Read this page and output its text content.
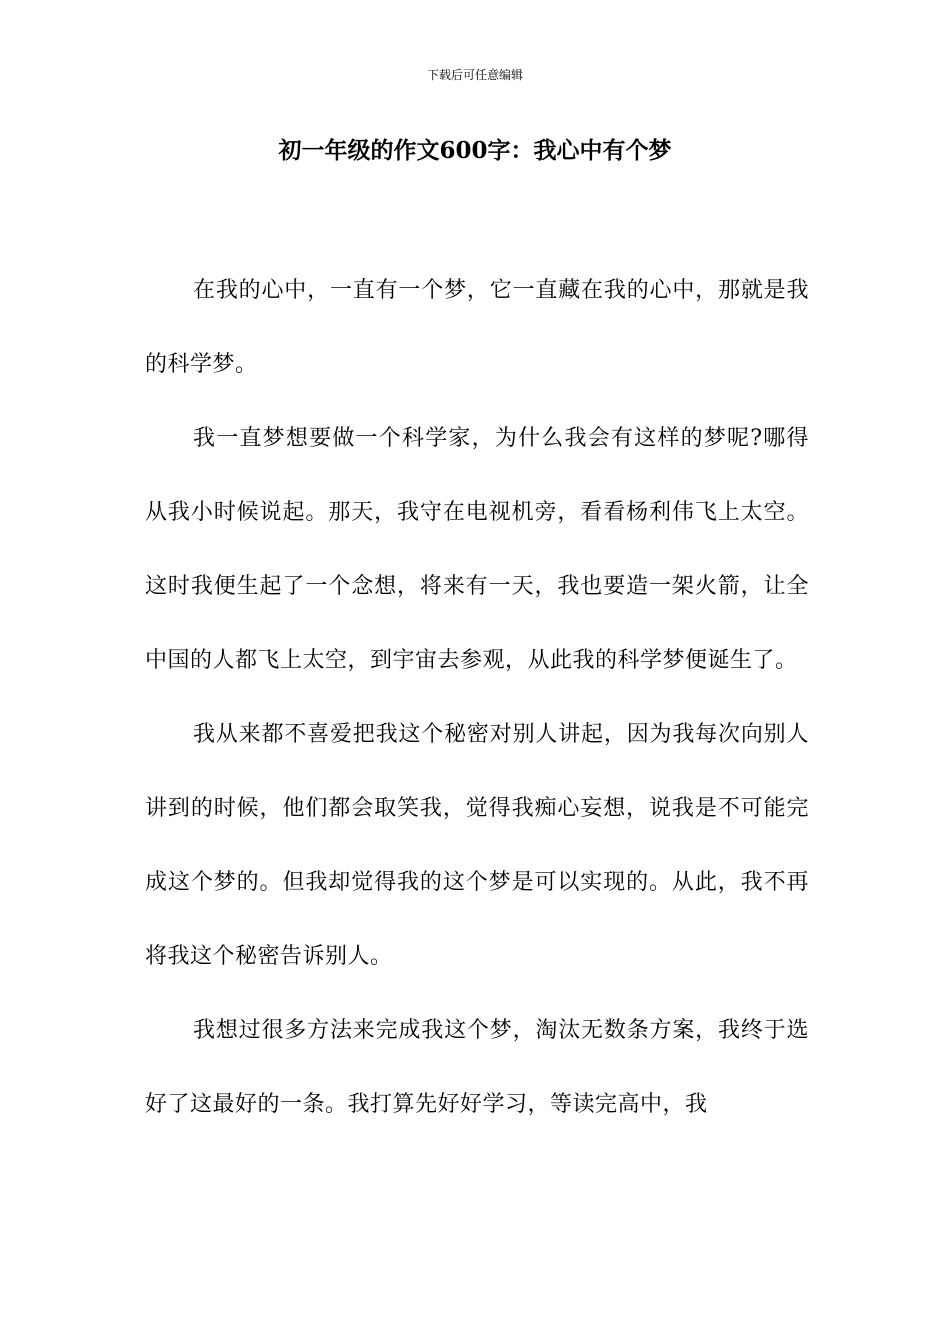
下载后可任意编辑
初一年级的作文600字：我心中有个梦

在我的心中，一直有一个梦，它一直藏在我的心中，那就是我的科学梦。

我一直梦想要做一个科学家，为什么我会有这样的梦呢?哪得从我小时候说起。那天，我守在电视机旁，看看杨利伟飞上太空。这时我便生起了一个念想，将来有一天，我也要造一架火箭，让全中国的人都飞上太空，到宇宙去参观，从此我的科学梦便诞生了。

我从来都不喜爱把我这个秘密对别人讲起，因为我每次向别人讲到的时候，他们都会取笑我，觉得我痴心妄想，说我是不可能完成这个梦的。但我却觉得我的这个梦是可以实现的。从此，我不再将我这个秘密告诉别人。

我想过很多方法来完成我这个梦，淘汰无数条方案，我终于选好了这最好的一条。我打算先好好学习，等读完高中，我
